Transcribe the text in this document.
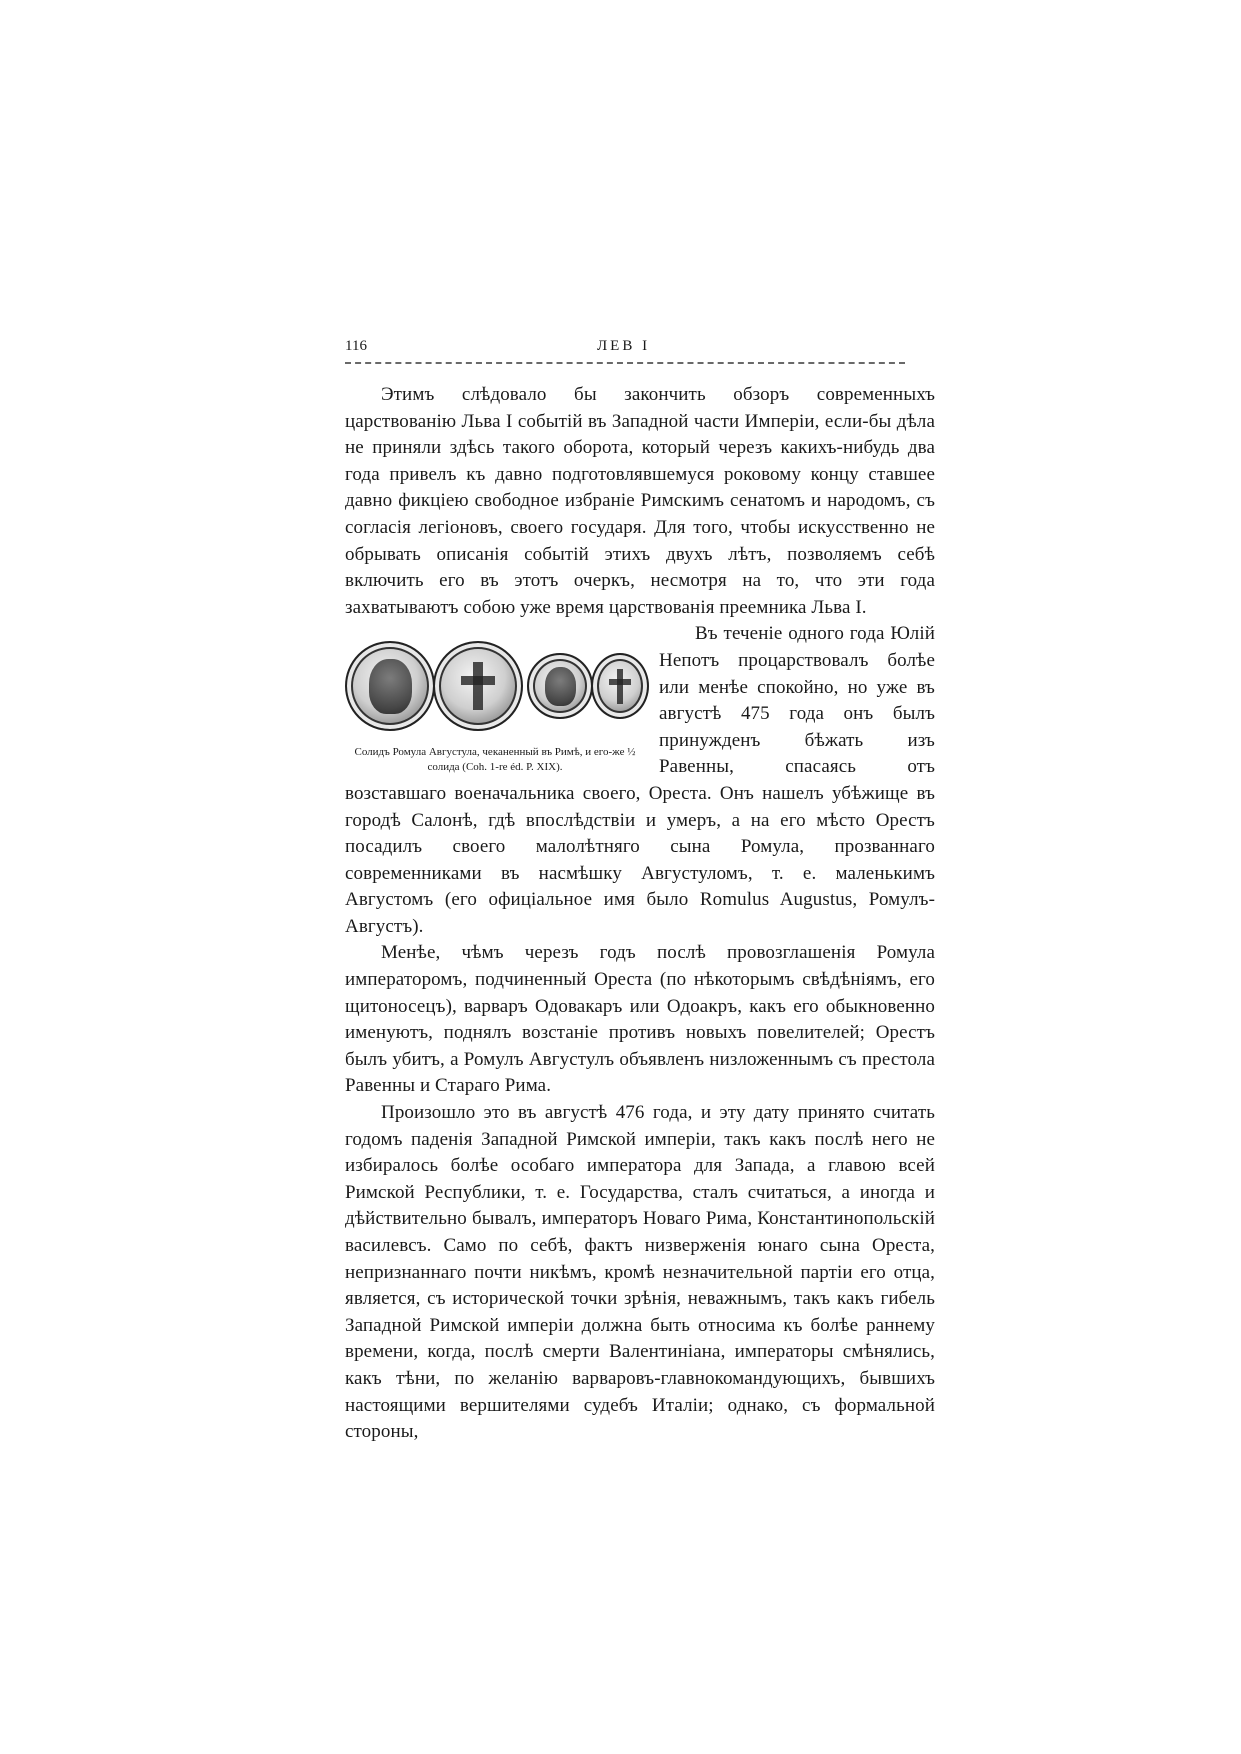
116	ЛЕВ I

Этимъ слѣдовало бы закончить обзоръ современныхъ царствованію Льва I событій въ Западной части Имперіи, если-бы дѣла не приняли здѣсь такого оборота, который черезъ какихъ-нибудь два года привелъ къ давно подготовлявшемуся роковому концу ставшее давно фикціею свободное избраніе Римскимъ сенатомъ и народомъ, съ согласія легіоновъ, своего государя. Для того, чтобы искусственно не обрывать описанія событій этихъ двухъ лѣтъ, позволяемъ себѣ включить его въ этотъ очеркъ, несмотря на то, что эти года захватываютъ собою уже время царствованія преемника Льва I.

Солидъ Ромула Августула, чеканенный въ Римѣ, и его-же ½ солида (Coh. 1-re éd. P. XIX).

Въ теченіе одного года Юлій Непотъ процарствовалъ болѣе или менѣе спокойно, но уже въ августѣ 475 года онъ былъ принужденъ бѣжать изъ Равенны, спасаясь отъ возставшаго военачальника своего, Ореста. Онъ нашелъ убѣжище въ городѣ Салонѣ, гдѣ впослѣдствіи и умеръ, а на его мѣсто Орестъ посадилъ своего малолѣтняго сына Ромула, прозваннаго современниками въ насмѣшку Августуломъ, т. е. маленькимъ Августомъ (его офиціальное имя было Romulus Augustus, Ромулъ-Августъ).

Менѣе, чѣмъ черезъ годъ послѣ провозглашенія Ромула императоромъ, подчиненный Ореста (по нѣкоторымъ свѣдѣніямъ, его щитоносецъ), варваръ Одовакаръ или Одоакръ, какъ его обыкновенно именуютъ, поднялъ возстаніе противъ новыхъ повелителей; Орестъ былъ убитъ, а Ромулъ Августулъ объявленъ низложеннымъ съ престола Равенны и Стараго Рима.

Произошло это въ августѣ 476 года, и эту дату принято считать годомъ паденія Западной Римской имперіи, такъ какъ послѣ него не избиралось болѣе особаго императора для Запада, а главою всей Римской Республики, т. е. Государства, сталъ считаться, а иногда и дѣйствительно бывалъ, императоръ Новаго Рима, Константинопольскій василевсъ. Само по себѣ, фактъ низверженія юнаго сына Ореста, непризнаннаго почти никѣмъ, кромѣ незначительной партіи его отца, является, съ исторической точки зрѣнія, неважнымъ, такъ какъ гибель Западной Римской имперіи должна быть относима къ болѣе раннему времени, когда, послѣ смерти Валентиніана, императоры смѣнялись, какъ тѣни, по желанію варваровъ-главнокомандующихъ, бывшихъ настоящими вершителями судебъ Италіи; однако, съ формальной стороны,
